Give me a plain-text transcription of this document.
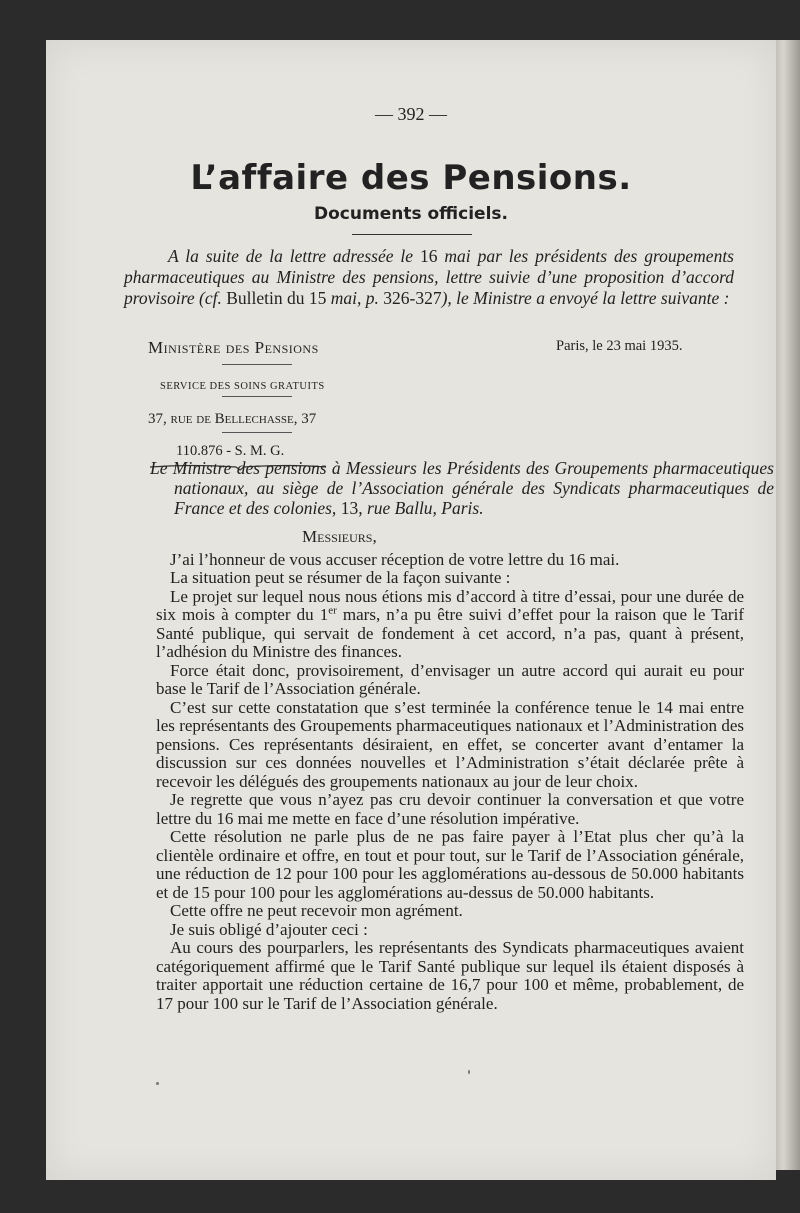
— 392 —
L’affaire des Pensions.
Documents officiels.
A la suite de la lettre adressée le 16 mai par les présidents des groupements pharmaceutiques au Ministre des pensions, lettre suivie d’une proposition d’accord provisoire (cf. Bulletin du 15 mai, p. 326-327), le Ministre a envoyé la lettre suivante :
Ministère des Pensions
SERVICE DES SOINS GRATUITS
37, rue de Bellechasse, 37
110.876 - S. M. G.
Paris, le 23 mai 1935.
Le Ministre des pensions à Messieurs les Présidents des Groupements pharmaceutiques nationaux, au siège de l’Association générale des Syndicats pharmaceutiques de France et des colonies, 13, rue Ballu, Paris.
Messieurs,

J’ai l’honneur de vous accuser réception de votre lettre du 16 mai.

La situation peut se résumer de la façon suivante :

Le projet sur lequel nous nous étions mis d’accord à titre d’essai, pour une durée de six mois à compter du 1er mars, n’a pu être suivi d’effet pour la raison que le Tarif Santé publique, qui servait de fondement à cet accord, n’a pas, quant à présent, l’adhésion du Ministre des finances.

Force était donc, provisoirement, d’envisager un autre accord qui aurait eu pour base le Tarif de l’Association générale.

C’est sur cette constatation que s’est terminée la conférence tenue le 14 mai entre les représentants des Groupements pharmaceutiques nationaux et l’Administration des pensions. Ces représentants désiraient, en effet, se concerter avant d’entamer la discussion sur ces données nouvelles et l’Administration s’était déclarée prête à recevoir les délégués des groupements nationaux au jour de leur choix.

Je regrette que vous n’ayez pas cru devoir continuer la conversation et que votre lettre du 16 mai me mette en face d’une résolution impérative.

Cette résolution ne parle plus de ne pas faire payer à l’Etat plus cher qu’à la clientèle ordinaire et offre, en tout et pour tout, sur le Tarif de l’Association générale, une réduction de 12 pour 100 pour les agglomérations au-dessous de 50.000 habitants et de 15 pour 100 pour les agglomérations au-dessus de 50.000 habitants.

Cette offre ne peut recevoir mon agrément.

Je suis obligé d’ajouter ceci :

Au cours des pourparlers, les représentants des Syndicats pharmaceutiques avaient catégoriquement affirmé que le Tarif Santé publique sur lequel ils étaient disposés à traiter apportait une réduction certaine de 16,7 pour 100 et même, probablement, de 17 pour 100 sur le Tarif de l’Association générale.
